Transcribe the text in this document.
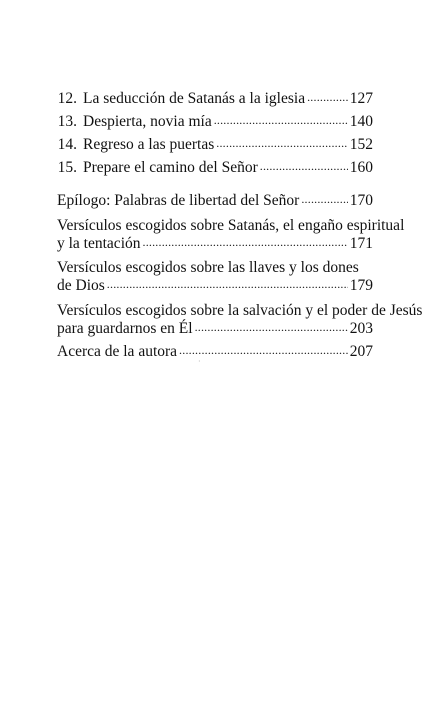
12. La seducción de Satanás a la iglesia . . .	127
13. Despierta, novia mía . . .	140
14. Regreso a las puertas . . .	152
15. Prepare el camino del Señor . . .	160
Epílogo: Palabras de libertad del Señor . . .	170
Versículos escogidos sobre Satanás, el engaño espiritual
y la tentación . . .	171
Versículos escogidos sobre las llaves y los dones
de Dios . . .	179
Versículos escogidos sobre la salvación y el poder de Jesús
para guardarnos en Él . . .	203
Acerca de la autora . . .	207
·
